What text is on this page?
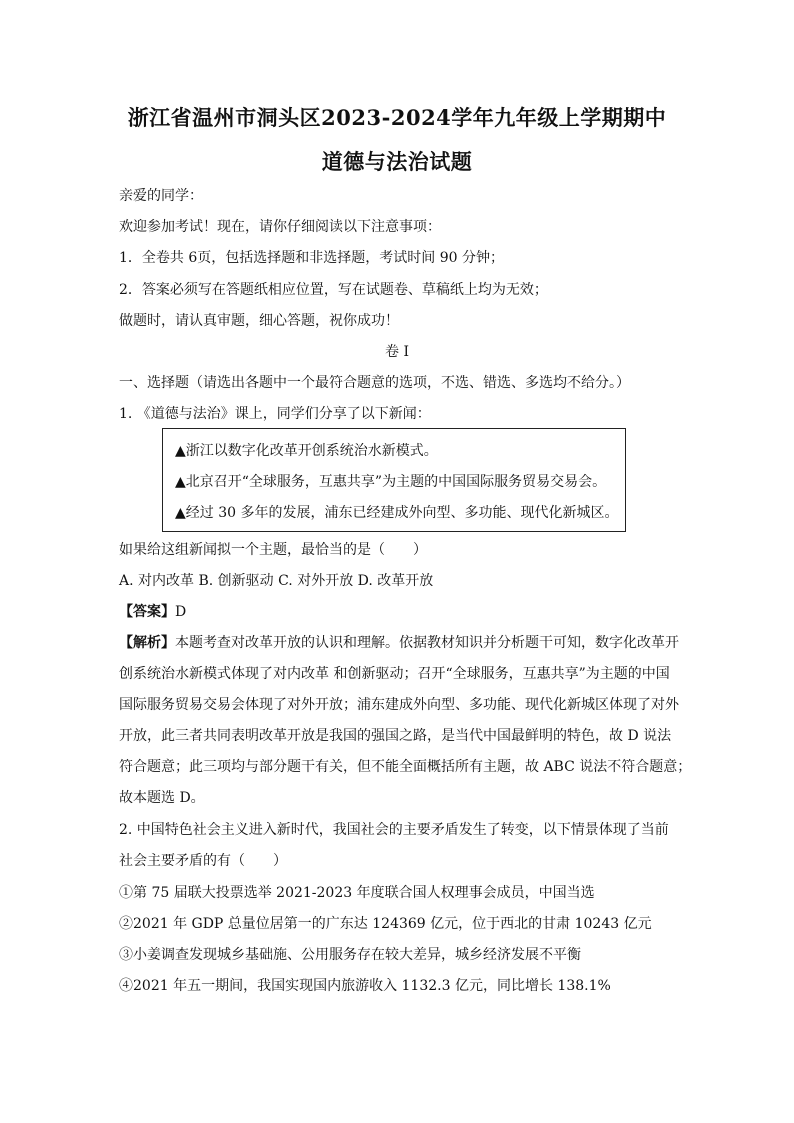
浙江省温州市洞头区2023-2024学年九年级上学期期中
道德与法治试题
亲爱的同学：
欢迎参加考试！现在，请你仔细阅读以下注意事项：
1．全卷共 6页，包括选择题和非选择题，考试时间 90 分钟；
2．答案必须写在答题纸相应位置，写在试题卷、草稿纸上均为无效；
做题时，请认真审题，细心答题，祝你成功！
卷 I
一、选择题（请选出各题中一个最符合题意的选项，不选、错选、多选均不给分。）
1. 《道德与法治》课上，同学们分享了以下新闻：
▲浙江以数字化改革开创系统治水新模式。
▲北京召开“全球服务，互惠共享”为主题的中国国际服务贸易交易会。
▲经过 30 多年的发展，浦东已经建成外向型、多功能、现代化新城区。
如果给这组新闻拟一个主题，最恰当的是（　　）
A. 对内改革 B. 创新驱动 C. 对外开放 D. 改革开放
【答案】D
【解析】本题考查对改革开放的认识和理解。依据教材知识并分析题干可知，数字化改革开
创系统治水新模式体现了对内改革 和创新驱动；召开“全球服务，互惠共享”为主题的中国
国际服务贸易交易会体现了对外开放；浦东建成外向型、多功能、现代化新城区体现了对外
开放，此三者共同表明改革开放是我国的强国之路，是当代中国最鲜明的特色，故 D 说法
符合题意；此三项均与部分题干有关，但不能全面概括所有主题，故 ABC 说法不符合题意；
故本题选 D。
2. 中国特色社会主义进入新时代，我国社会的主要矛盾发生了转变，以下情景体现了当前
社会主要矛盾的有（　　）
①第 75 届联大投票选举 2021-2023 年度联合国人权理事会成员，中国当选
②2021 年 GDP 总量位居第一的广东达 124369 亿元，位于西北的甘肃 10243 亿元
③小姜调查发现城乡基础施、公用服务存在较大差异，城乡经济发展不平衡
④2021 年五一期间，我国实现国内旅游收入 1132.3 亿元，同比增长 138.1%
